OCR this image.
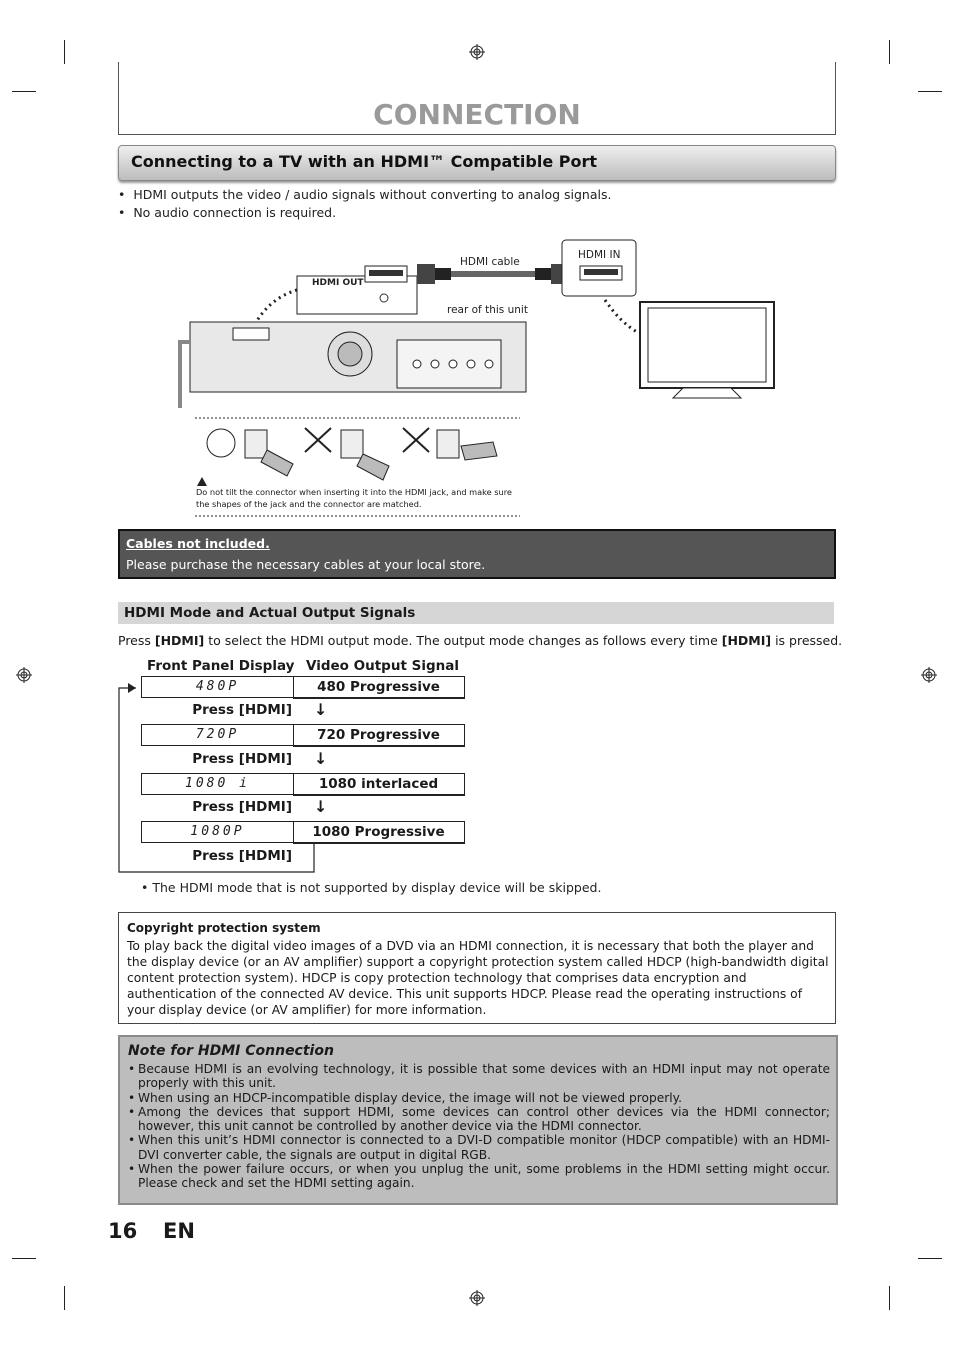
CONNECTION
Connecting to a TV with an HDMI™ Compatible Port
•  HDMI outputs the video / audio signals without converting to analog signals.
•  No audio connection is required.
HDMI OUT
HDMI cable
HDMI IN
rear of this unit
Do not tilt the connector when inserting it into the HDMI jack, and make sure the shapes of the jack and the connector are matched.
Cables not included.
Please purchase the necessary cables at your local store.
HDMI Mode and Actual Output Signals
Press [HDMI] to select the HDMI output mode. The output mode changes as follows every time [HDMI] is pressed.
Front Panel Display Video Output Signal
480P	480 Progressive
Press [HDMI] ↓
720P	720 Progressive
Press [HDMI] ↓
1080 i	1080 interlaced
Press [HDMI] ↓
1080P	1080 Progressive
Press [HDMI]
• The HDMI mode that is not supported by display device will be skipped.
Copyright protection system
To play back the digital video images of a DVD via an HDMI connection, it is necessary that both the player and the display device (or an AV amplifier) support a copyright protection system called HDCP (high-bandwidth digital content protection system). HDCP is copy protection technology that comprises data encryption and authentication of the connected AV device. This unit supports HDCP. Please read the operating instructions of your display device (or AV amplifier) for more information.
Note for HDMI Connection
• Because HDMI is an evolving technology, it is possible that some devices with an HDMI input may not operate properly with this unit.
• When using an HDCP-incompatible display device, the image will not be viewed properly.
• Among the devices that support HDMI, some devices can control other devices via the HDMI connector; however, this unit cannot be controlled by another device via the HDMI connector.
• When this unit’s HDMI connector is connected to a DVI-D compatible monitor (HDCP compatible) with an HDMI-DVI converter cable, the signals are output in digital RGB.
• When the power failure occurs, or when you unplug the unit, some problems in the HDMI setting might occur. Please check and set the HDMI setting again.
16 EN
